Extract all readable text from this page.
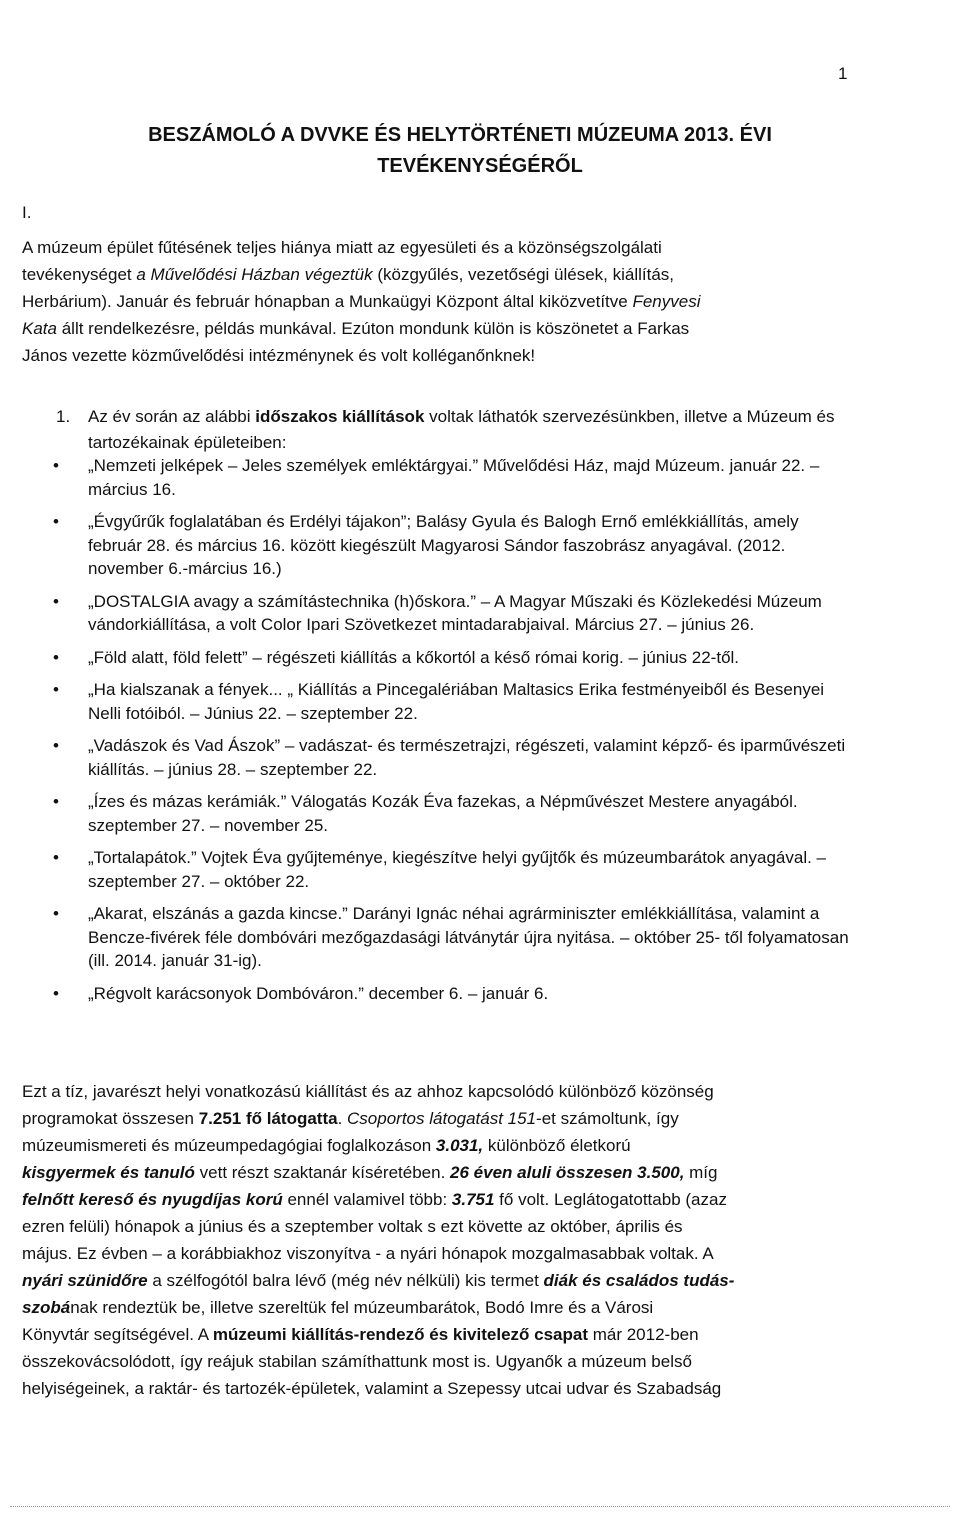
1
BESZÁMOLÓ A DVVKE ÉS HELYTÖRTÉNETI MÚZEUMA 2013. ÉVI
TEVÉKENYSÉGÉRŐL
I.
A múzeum épület fűtésének teljes hiánya miatt az egyesületi és a közönségszolgálati
tevékenységet a Művelődési Házban végeztük (közgyűlés, vezetőségi ülések, kiállítás,
Herbárium). Január és február hónapban a Munkaügyi Központ által kiközvetítve Fenyvesi
Kata állt rendelkezésre, példás munkával. Ezúton mondunk külön is köszönetet a Farkas
János vezette közművelődési intézménynek és volt kolléganőnknek!
1. Az év során az alábbi időszakos kiállítások voltak láthatók szervezésünkben, illetve a Múzeum és tartozékainak épületeiben:
• „Nemzeti jelképek – Jeles személyek emléktárgyai.” Művelődési Ház, majd Múzeum. január 22. – március 16.
• „Évgyűrűk foglalatában és Erdélyi tájakon”; Balásy Gyula és Balogh Ernő emlékkiállítás, amely február 28. és március 16. között kiegészült Magyarosi Sándor faszobrász anyagával. (2012. november 6.-március 16.)
• „DOSTALGIA avagy a számítástechnika (h)őskora.” – A Magyar Műszaki és Közlekedési Múzeum vándorkiállítása, a volt Color Ipari Szövetkezet mintadarabjaival. Március 27. – június 26.
• „Föld alatt, föld felett” – régészeti kiállítás a kőkortól a késő római korig. – június 22-től.
• „Ha kialszanak a fények... „ Kiállítás a Pincegalériában Maltasics Erika festményeiből és Besenyei Nelli fotóiból. – Június 22. – szeptember 22.
• „Vadászok és Vad Ászok” – vadászat- és természetrajzi, régészeti, valamint képző- és iparművészeti kiállítás. – június 28. – szeptember 22.
• „Ízes és mázas kerámiák.” Válogatás Kozák Éva fazekas, a Népművészet Mestere anyagából. szeptember 27. – november 25.
• „Tortalapátok.” Vojtek Éva gyűjteménye, kiegészítve helyi gyűjtők és múzeumbarátok anyagával. – szeptember 27. – október 22.
• „Akarat, elszánás a gazda kincse.” Darányi Ignác néhai agrárminiszter emlékkiállítása, valamint a Bencze-fivérek féle dombóvári mezőgazdasági látványtár újra nyitása. – október 25- től folyamatosan (ill. 2014. január 31-ig).
• „Régvolt karácsonyok Dombóváron.” december 6. – január 6.
Ezt a tíz, javarészt helyi vonatkozású kiállítást és az ahhoz kapcsolódó különböző közönség
programokat összesen 7.251 fő látogatta. Csoportos látogatást 151-et számoltunk, így
múzeumismereti és múzeumpedagógiai foglalkozáson 3.031, különböző életkorú
kisgyermek és tanuló vett részt szaktanár kíséretében. 26 éven aluli összesen 3.500, míg
felnőtt kereső és nyugdíjas korú ennél valamivel több: 3.751 fő volt. Leglátogatottabb (azaz
ezren felüli) hónapok a június és a szeptember voltak s ezt követte az október, április és
május. Ez évben – a korábbiakhoz viszonyítva - a nyári hónapok mozgalmasabbak voltak. A
nyári szünidőre a szélfogótól balra lévő (még név nélküli) kis termet diák és családos tudás-
szobának rendeztük be, illetve szereltük fel múzeumbarátok, Bodó Imre és a Városi
Könyvtár segítségével. A múzeumi kiállítás-rendező és kivitelező csapat már 2012-ben
összekovácsolódott, így reájuk stabilan számíthattunk most is. Ugyanők a múzeum belső
helyiségeinek, a raktár- és tartozék-épületek, valamint a Szepessy utcai udvar és Szabadság
